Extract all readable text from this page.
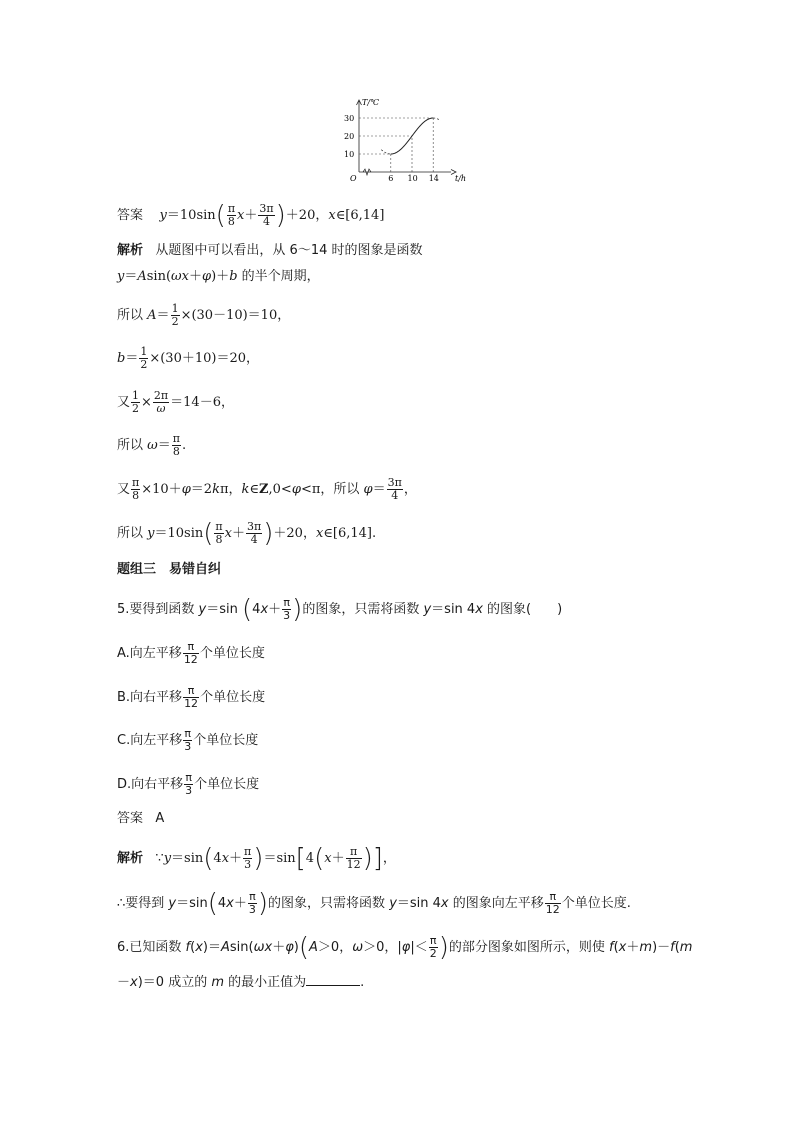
T/℃
t/h
O
10
20
30
6 10 14
答案 $y=10\sin( \frac{\pi}{8} x+ \frac{3\pi}{4} )+20$，x∈[6,14]
解析   从题图中可以看出，从 6～14 时的图象是函数
y＝Asin(ωx＋φ)＋b 的半个周期，
所以 $A= \frac{1}{2} \times(30-10)=10$，
$b= \frac{1}{2} \times(30+10)=20$，
又 $\frac{1}{2} \times \frac{2\pi}{\omega} =14-6$，
所以 $\omega= \frac{\pi}{8}$ .
又 $\frac{\pi}{8} \times 10+\varphi=2k\pi$，k∈Z,0<φ<π，所以 $\varphi= \frac{3\pi}{4}$ ，
所以 $y=10\sin( \frac{\pi}{8} x+ \frac{3\pi}{4} )+20$，x∈[6,14].
题组三　易错自纠
5.要得到函数 y＝sin ($4x+ \frac{\pi}{3}$ )的图象，只需将函数 y＝sin 4x 的图象(　　)
A.向左平移 $\frac{\pi}{12}$ 个单位长度
B.向右平移 $\frac{\pi}{12}$ 个单位长度
C.向左平移 $\frac{\pi}{3}$ 个单位长度
D.向右平移 $\frac{\pi}{3}$ 个单位长度
答案 A
解析   ∵y＝sin(4x＋ $\frac{\pi}{3} )=\sin[4(x+ \frac{\pi}{12}$ )]，
∴要得到 $y=\sin(4x+ \frac{\pi}{3}$ )的图象，只需将函数 y＝sin 4x 的图象向左平移 $\frac{\pi}{12}$ 个单位长度.
6.已知函数 f(x)＝Asin(ωx＋φ)(A＞0，ω＞0，$|\varphi|< \frac{\pi}{2}$ )的部分图象如图所示，则使 f(x＋m)－f(m
－x)＝0 成立的 m 的最小正值为	.
